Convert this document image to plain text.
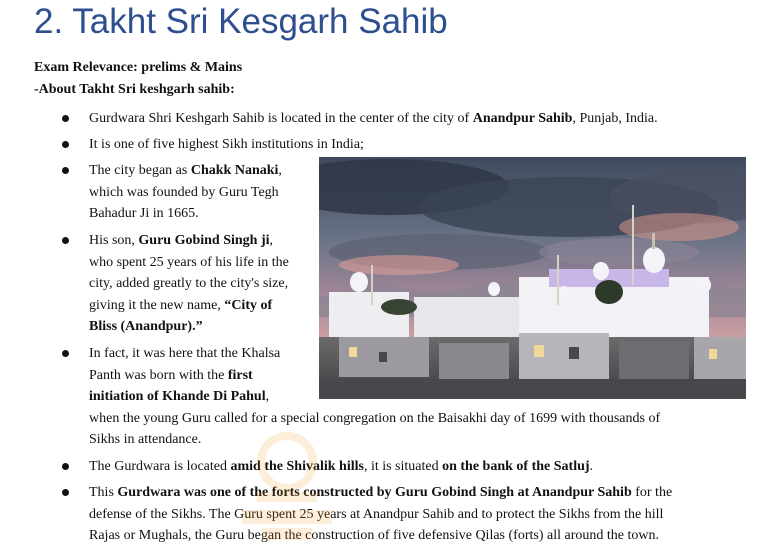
2. Takht Sri Kesgarh Sahib
Exam Relevance: prelims & Mains
-About Takht Sri keshgarh sahib:
Gurdwara Shri Keshgarh Sahib is located in the center of the city of Anandpur Sahib, Punjab, India.
It is one of five highest Sikh institutions in India;
The city began as Chakk Nanaki,
which was founded by Guru Tegh
Bahadur Ji in 1665.
His son, Guru Gobind Singh ji,
who spent 25 years of his life in the
city, added greatly to the city's size,
giving it the new name, “City of
Bliss (Anandpur).”
In fact, it was here that the Khalsa
Panth was born with the first
initiation of Khande Di Pahul,
when the young Guru called for a special congregation on the Baisakhi day of 1699 with thousands of
Sikhs in attendance.
The Gurdwara is located amid the Shivalik hills, it is situated on the bank of the Satluj.
This Gurdwara was one of the forts constructed by Guru Gobind Singh at Anandpur Sahib for the
defense of the Sikhs. The Guru spent 25 years at Anandpur Sahib and to protect the Sikhs from the hill
Rajas or Mughals, the Guru began the construction of five defensive Qilas (forts) all around the town.
